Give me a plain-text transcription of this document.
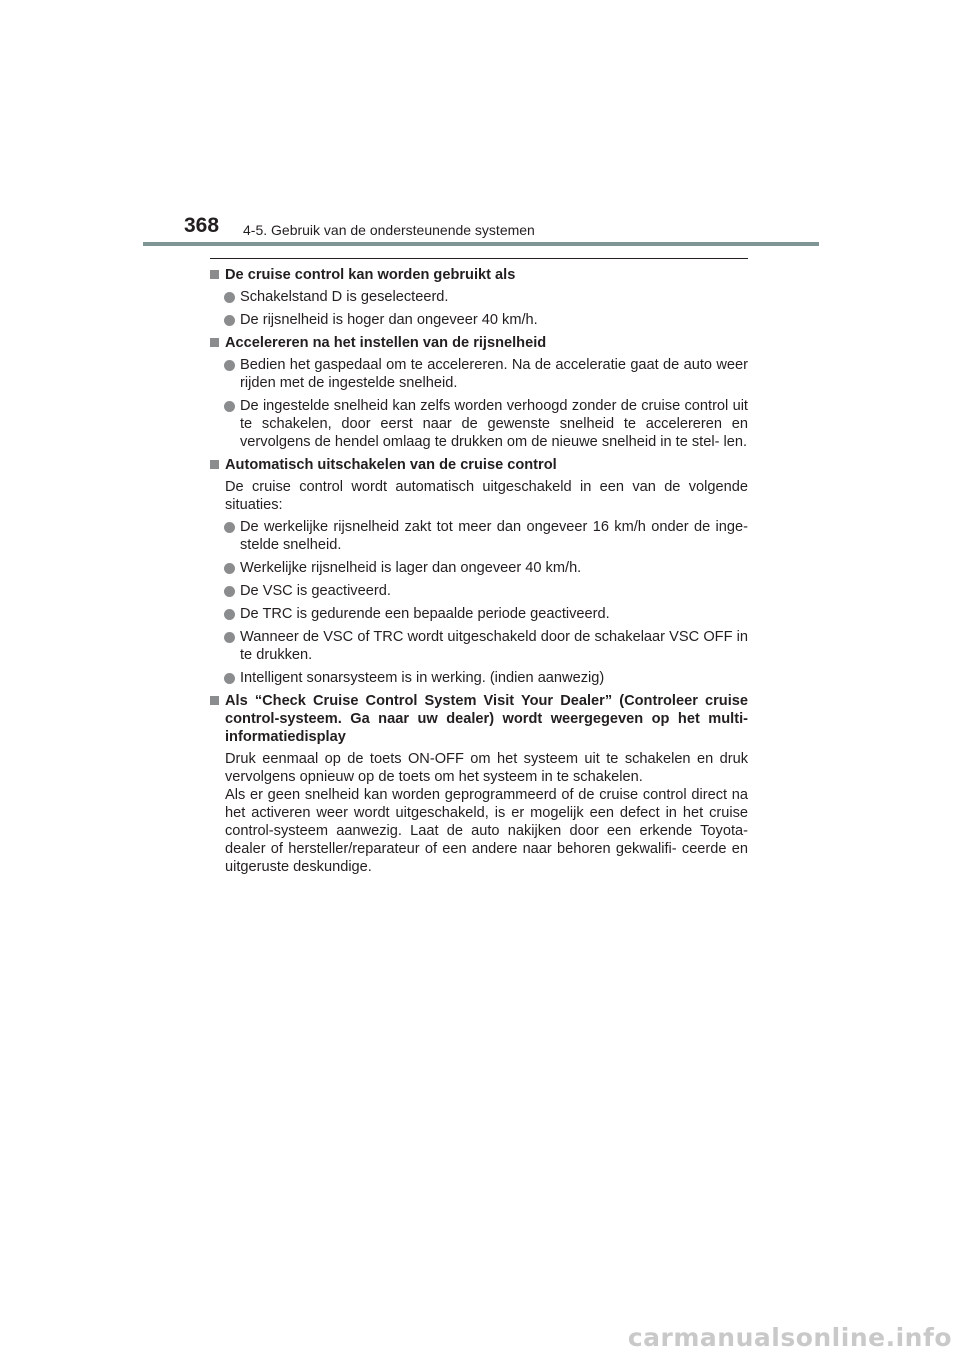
368 4-5. Gebruik van de ondersteunende systemen
De cruise control kan worden gebruikt als
Schakelstand D is geselecteerd.
De rijsnelheid is hoger dan ongeveer 40 km/h.
Accelereren na het instellen van de rijsnelheid
Bedien het gaspedaal om te accelereren. Na de acceleratie gaat de auto weer rijden met de ingestelde snelheid.
De ingestelde snelheid kan zelfs worden verhoogd zonder de cruise control uit te schakelen, door eerst naar de gewenste snelheid te accelereren en vervolgens de hendel omlaag te drukken om de nieuwe snelheid in te stel- len.
Automatisch uitschakelen van de cruise control
De cruise control wordt automatisch uitgeschakeld in een van de volgende situaties:
De werkelijke rijsnelheid zakt tot meer dan ongeveer 16 km/h onder de inge- stelde snelheid.
Werkelijke rijsnelheid is lager dan ongeveer 40 km/h.
De VSC is geactiveerd.
De TRC is gedurende een bepaalde periode geactiveerd.
Wanneer de VSC of TRC wordt uitgeschakeld door de schakelaar VSC OFF in te drukken.
Intelligent sonarsysteem is in werking. (indien aanwezig)
Als “Check Cruise Control System Visit Your Dealer” (Controleer cruise control-systeem. Ga naar uw dealer) wordt weergegeven op het multi- informatiedisplay
Druk eenmaal op de toets ON-OFF om het systeem uit te schakelen en druk vervolgens opnieuw op de toets om het systeem in te schakelen.
Als er geen snelheid kan worden geprogrammeerd of de cruise control direct na het activeren weer wordt uitgeschakeld, is er mogelijk een defect in het cruise control-systeem aanwezig. Laat de auto nakijken door een erkende Toyota-dealer of hersteller/reparateur of een andere naar behoren gekwalifi- ceerde en uitgeruste deskundige.
carmanualsonline.info
